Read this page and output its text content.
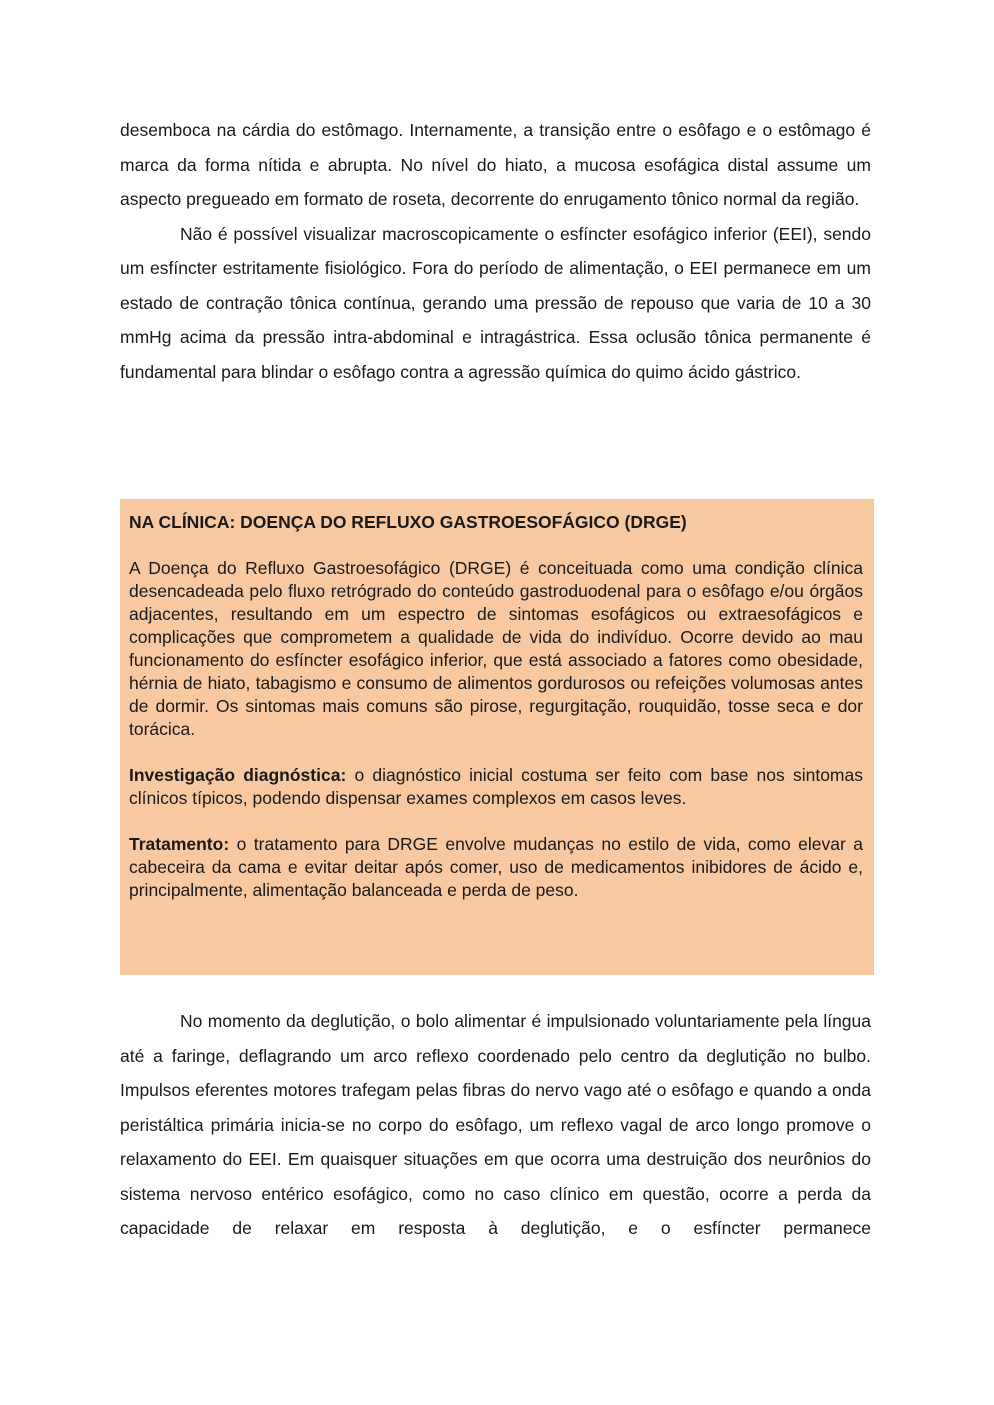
desemboca na cárdia do estômago. Internamente, a transição entre o esôfago e o estômago é marca da forma nítida e abrupta. No nível do hiato, a mucosa esofágica distal assume um aspecto pregueado em formato de roseta, decorrente do enrugamento tônico normal da região.

Não é possível visualizar macroscopicamente o esfíncter esofágico inferior (EEI), sendo um esfíncter estritamente fisiológico. Fora do período de alimentação, o EEI permanece em um estado de contração tônica contínua, gerando uma pressão de repouso que varia de 10 a 30 mmHg acima da pressão intra-abdominal e intragástrica. Essa oclusão tônica permanente é fundamental para blindar o esôfago contra a agressão química do quimo ácido gástrico.

NA CLÍNICA: DOENÇA DO REFLUXO GASTROESOFÁGICO (DRGE)

A Doença do Refluxo Gastroesofágico (DRGE) é conceituada como uma condição clínica desencadeada pelo fluxo retrógrado do conteúdo gastroduodenal para o esôfago e/ou órgãos adjacentes, resultando em um espectro de sintomas esofágicos ou extraesofágicos e complicações que comprometem a qualidade de vida do indivíduo. Ocorre devido ao mau funcionamento do esfíncter esofágico inferior, que está associado a fatores como obesidade, hérnia de hiato, tabagismo e consumo de alimentos gordurosos ou refeições volumosas antes de dormir. Os sintomas mais comuns são pirose, regurgitação, rouquidão, tosse seca e dor torácica.

Investigação diagnóstica: o diagnóstico inicial costuma ser feito com base nos sintomas clínicos típicos, podendo dispensar exames complexos em casos leves.

Tratamento: o tratamento para DRGE envolve mudanças no estilo de vida, como elevar a cabeceira da cama e evitar deitar após comer, uso de medicamentos inibidores de ácido e, principalmente, alimentação balanceada e perda de peso.

No momento da deglutição, o bolo alimentar é impulsionado voluntariamente pela língua até a faringe, deflagrando um arco reflexo coordenado pelo centro da deglutição no bulbo. Impulsos eferentes motores trafegam pelas fibras do nervo vago até o esôfago e quando a onda peristáltica primária inicia-se no corpo do esôfago, um reflexo vagal de arco longo promove o relaxamento do EEI. Em quaisquer situações em que ocorra uma destruição dos neurônios do sistema nervoso entérico esofágico, como no caso clínico em questão, ocorre a perda da capacidade de relaxar em resposta à deglutição, e o esfíncter permanece
